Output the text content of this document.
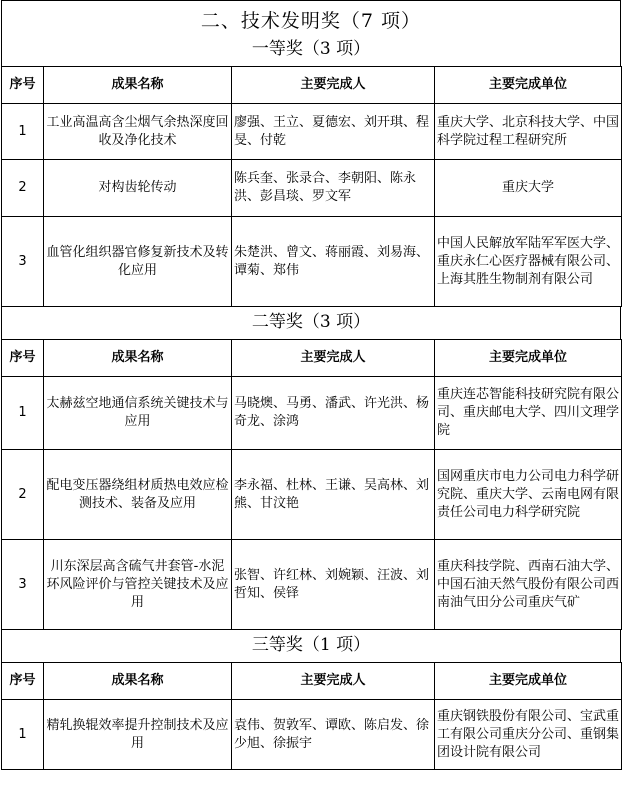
二、技术发明奖（7 项）
一等奖（3 项）
序号	成果名称	主要完成人	主要完成单位
1	工业高温高含尘烟气余热深度回收及净化技术	廖强、王立、夏德宏、刘开琪、程旻、付乾	重庆大学、北京科技大学、中国科学院过程工程研究所
2	对构齿轮传动	陈兵奎、张录合、李朝阳、陈永洪、彭昌琰、罗文军	重庆大学
3	血管化组织器官修复新技术及转化应用	朱楚洪、曾文、蒋丽霞、刘易海、谭菊、郑伟	中国人民解放军陆军军医大学、重庆永仁心医疗器械有限公司、上海其胜生物制剂有限公司
二等奖（3 项）
序号	成果名称	主要完成人	主要完成单位
1	太赫兹空地通信系统关键技术与应用	马晓燠、马勇、潘武、许光洪、杨奇龙、涂鸿	重庆连芯智能科技研究院有限公司、重庆邮电大学、四川文理学院
2	配电变压器绕组材质热电效应检测技术、装备及应用	李永福、杜林、王谦、吴高林、刘熊、甘汶艳	国网重庆市电力公司电力科学研究院、重庆大学、云南电网有限责任公司电力科学研究院
3	川东深层高含硫气井套管-水泥环风险评价与管控关键技术及应用	张智、许红林、刘婉颖、汪波、刘哲知、侯铎	重庆科技学院、西南石油大学、中国石油天然气股份有限公司西南油气田分公司重庆气矿
三等奖（1 项）
序号	成果名称	主要完成人	主要完成单位
1	精轧换辊效率提升控制技术及应用	袁伟、贺敦军、谭欧、陈启发、徐少旭、徐振宇	重庆钢铁股份有限公司、宝武重工有限公司重庆分公司、重钢集团设计院有限公司
